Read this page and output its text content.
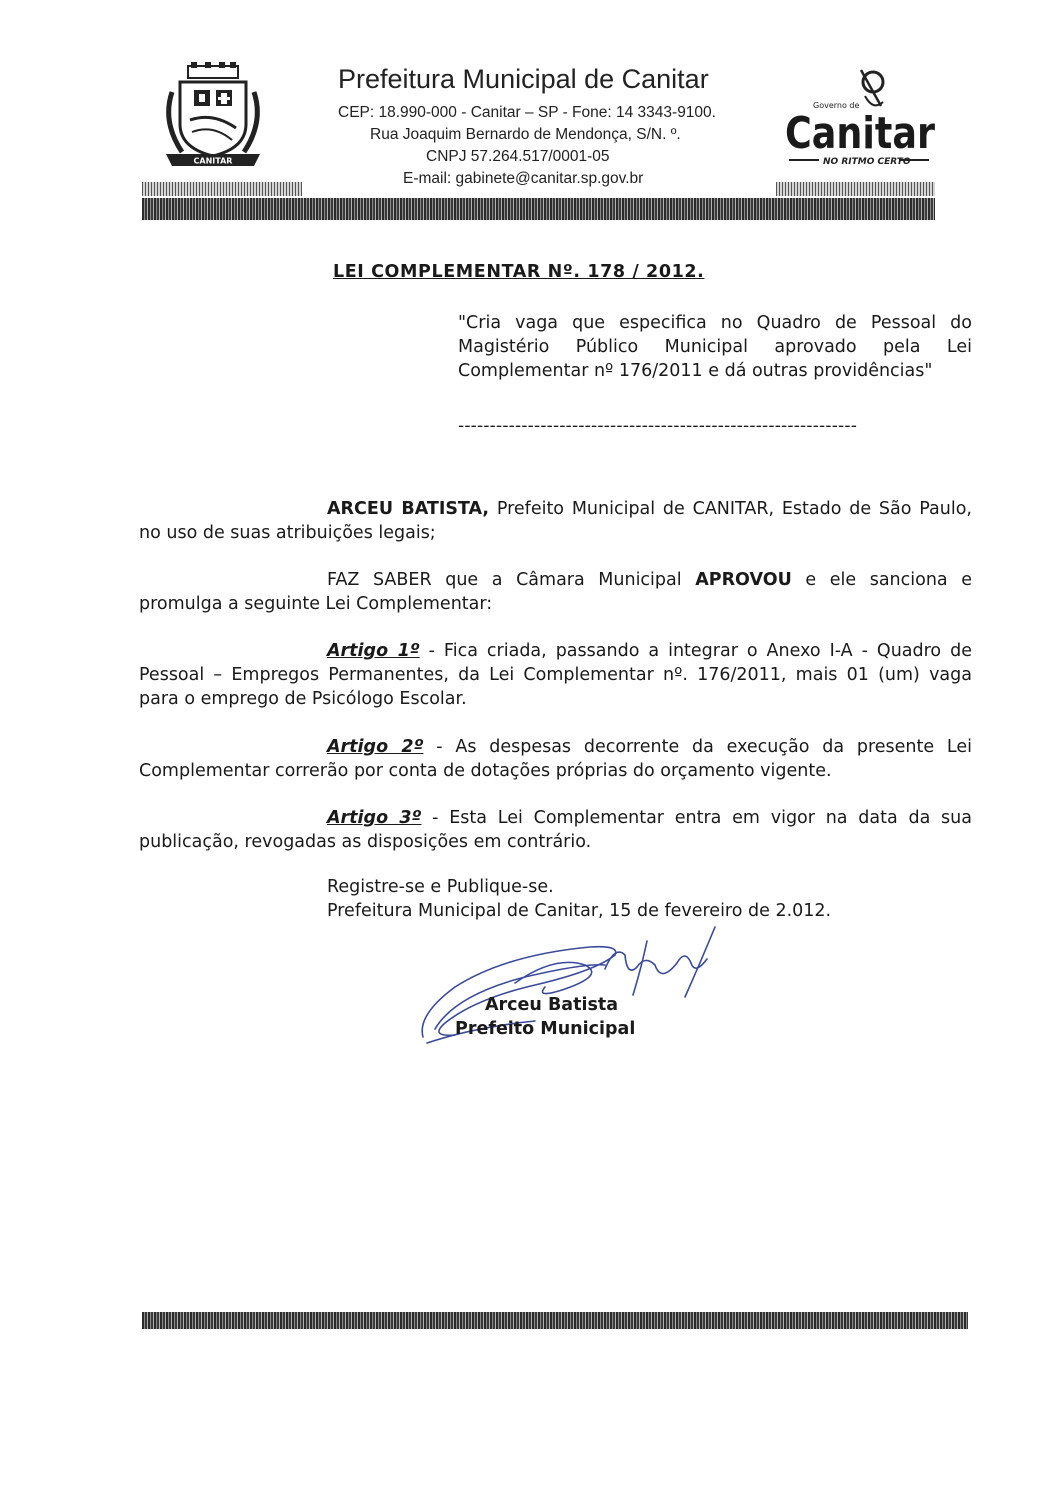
CANITAR
Prefeitura Municipal de Canitar
CEP: 18.990-000 - Canitar – SP - Fone: 14 3343-9100.
Rua Joaquim Bernardo de Mendonça, S/N. º.
CNPJ 57.264.517/0001-05
E-mail: gabinete@canitar.sp.gov.br
Governo de
Canitar
NO RITMO CERTO
LEI COMPLEMENTAR Nº. 178 / 2012.
"Cria vaga que especifica no Quadro de Pessoal do Magistério Público Municipal aprovado pela Lei Complementar nº 176/2011 e dá outras providências"
---------------------------------------------------------------
ARCEU BATISTA, Prefeito Municipal de CANITAR, Estado de São Paulo, no uso de suas atribuições legais;
FAZ SABER que a Câmara Municipal APROVOU e ele sanciona e promulga a seguinte Lei Complementar:
Artigo 1º - Fica criada, passando a integrar o Anexo I-A - Quadro de Pessoal – Empregos Permanentes, da Lei Complementar nº. 176/2011, mais 01 (um) vaga para o emprego de Psicólogo Escolar.
Artigo 2º - As despesas decorrente da execução da presente Lei Complementar correrão por conta de dotações próprias do orçamento vigente.
Artigo 3º - Esta Lei Complementar entra em vigor na data da sua publicação, revogadas as disposições em contrário.
Registre-se e Publique-se.
Prefeitura Municipal de Canitar, 15 de fevereiro de 2.012.
Arceu Batista
Prefeito Municipal
